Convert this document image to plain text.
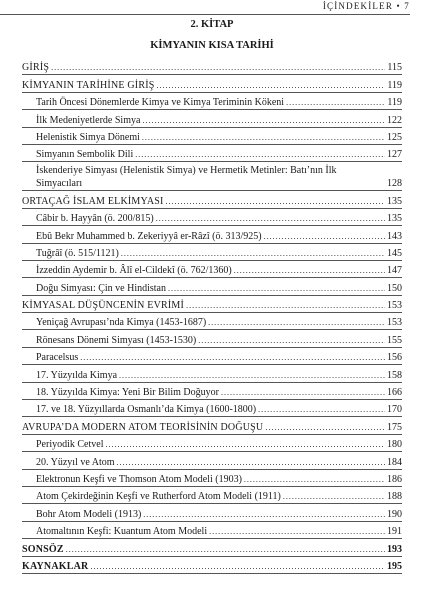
İÇİNDEKİLER • 7
2. KİTAP
KİMYANIN KISA TARİHİ
GİRİŞ .....	115
KİMYANIN TARİHİNE GİRİŞ .....	119
Tarih Öncesi Dönemlerde Kimya ve Kimya Teriminin Kökeni .....	119
İlk Medeniyetlerde Simya .....	122
Helenistik Simya Dönemi .....	125
Simyanın Sembolik Dili .....	127
İskenderiye Simyası (Helenistik Simya) ve Hermetik Metinler: Batı’nın İlk Simyacıları	128
ORTAÇAĞ İSLAM ELKİMYASI .....	135
Câbir b. Hayyân (ö. 200/815) .....	135
Ebû Bekr Muhammed b. Zekeriyyâ er-Râzî (ö. 313/925) .....	143
Tuğrâî (ö. 515/1121) .....	145
İzzeddin Aydemir b. Âlî el-Cildekî (ö. 762/1360) .....	147
Doğu Simyası: Çin ve Hindistan .....	150
KİMYASAL DÜŞÜNCENİN EVRİMİ .....	153
Yeniçağ Avrupası’nda Kimya (1453-1687) .....	153
Rönesans Dönemi Simyası (1453-1530) .....	155
Paracelsus .....	156
17. Yüzyılda Kimya .....	158
18. Yüzyılda Kimya: Yeni Bir Bilim Doğuyor .....	166
17. ve 18. Yüzyıllarda Osmanlı’da Kimya (1600-1800) .....	170
AVRUPA’DA MODERN ATOM TEORİSİNİN DOĞUŞU .....	175
Periyodik Cetvel .....	180
20. Yüzyıl ve Atom .....	184
Elektronun Keşfi ve Thomson Atom Modeli (1903) .....	186
Atom Çekirdeğinin Keşfi ve Rutherford Atom Modeli (1911) .....	188
Bohr Atom Modeli (1913) .....	190
Atomaltının Keşfi: Kuantum Atom Modeli .....	191
SONSÖZ .....	193
KAYNAKLAR .....	195
